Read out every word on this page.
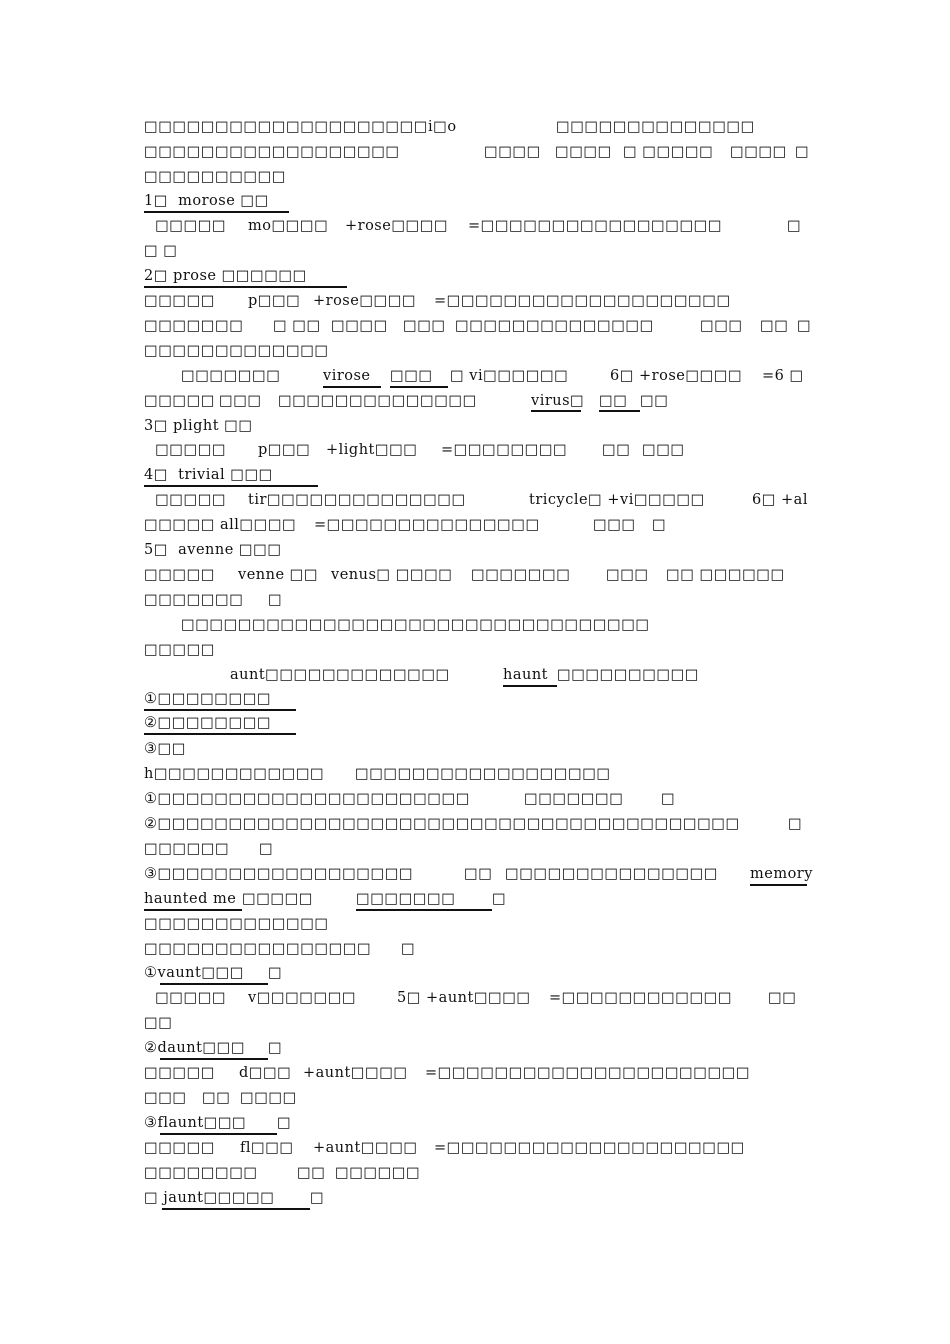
□□□□□□□□□□□□□□□□□□□□i□o	□□□□□□□□□□□□□□
□□□□□□□□□□□□□□□□□□	□□□□ □□□□ □ □□□□□ □□□□ □
□□□□□□□□□□
1□  morose □□
□□□□□ mo□□□□ +rose□□□□ =□□□□□□□□□□□□□□□□□	□
□ □
2□ prose □□□□□□
□□□□□ p□□□ +rose□□□□ =□□□□□□□□□□□□□□□□□□□□
□□□□□□□ □ □□ □□□□ □□□ □□□□□□□□□□□□□□	□□□ □□ □
□□□□□□□□□□□□□
□□□□□□□	virose □□□ □ vi□□□□□□	6□ +rose□□□□ =6 □
□□□□□ □□□ □□□□□□□□□□□□□□	virus□ □□ □□
3□ plight □□
□□□□□ p□□□ +light□□□ =□□□□□□□□ □□ □□□
4□  trivial □□□
□□□□□ tir□□□□□□□□□□□□□□	tricycle□ +vi□□□□□	6□ +al
□□□□□ all□□□□ =□□□□□□□□□□□□□□□	□□□ □
5□  avenne □□□
□□□□□ venne □□ venus□ □□□□ □□□□□□□ □□□ □□ □□□□□□
□□□□□□□ □
□□□□□□□□□□□□□□□□□□□□□□□□□□□□□□□□□
□□□□□
aunt□□□□□□□□□□□□□	haunt □□□□□□□□□□
①□□□□□□□□
②□□□□□□□□
③□□
h□□□□□□□□□□□□ □□□□□□□□□□□□□□□□□□
①□□□□□□□□□□□□□□□□□□□□□□	□□□□□□□	□
②□□□□□□□□□□□□□□□□□□□□□□□□□□□□□□□□□□□□□□□□□	□
□□□□□□ □
③□□□□□□□□□□□□□□□□□□	□□ □□□□□□□□□□□□□□□ memory
haunted me □□□□□	□□□□□□□	□
□□□□□□□□□□□□□
□□□□□□□□□□□□□□□□ □
①vaunt□□□ □
□□□□□ v□□□□□□□	5□ +aunt□□□□ =□□□□□□□□□□□□ □□
□□
②daunt□□□ □
□□□□□ d□□□ +aunt□□□□ =□□□□□□□□□□□□□□□□□□□□□□
□□□ □□ □□□□
③flaunt□□□ □
□□□□□ fl□□□ +aunt□□□□ =□□□□□□□□□□□□□□□□□□□□□
□□□□□□□□	□□ □□□□□□
□ jaunt□□□□□ □
